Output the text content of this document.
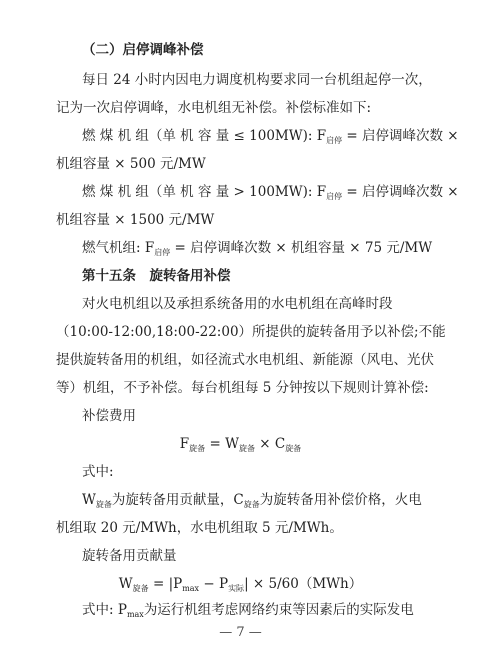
（二）启停调峰补偿
每日 24 小时内因电力调度机构要求同一台机组起停一次，
记为一次启停调峰，水电机组无补偿。补偿标准如下:
燃 煤 机 组（单 机 容 量 ≤ 100MW): $F_{启停}$ = 启停调峰次数 ×
机组容量 × 500 元/MW
燃 煤 机 组（单 机 容 量 > 100MW): $F_{启停}$ = 启停调峰次数 ×
机组容量 × 1500 元/MW
燃气机组: $F_{启停}$ = 启停调峰次数 × 机组容量 × 75 元/MW
第十五条　旋转备用补偿
对火电机组以及承担系统备用的水电机组在高峰时段
（10:00-12:00,18:00-22:00）所提供的旋转备用予以补偿;不能
提供旋转备用的机组，如径流式水电机组、新能源（风电、光伏
等）机组，不予补偿。每台机组每 5 分钟按以下规则计算补偿:
补偿费用
$F_{旋备} = W_{旋备} \times C_{旋备}$
式中:
$W_{旋备}$为旋转备用贡献量，$C_{旋备}$为旋转备用补偿价格，火电
机组取 20 元/MWh，水电机组取 5 元/MWh。
旋转备用贡献量
$W_{旋备} = |P_{max} - P_{实际}| \times 5/60(MWh)$
式中: $P_{max}$为运行机组考虑网络约束等因素后的实际发电
— 7 —
